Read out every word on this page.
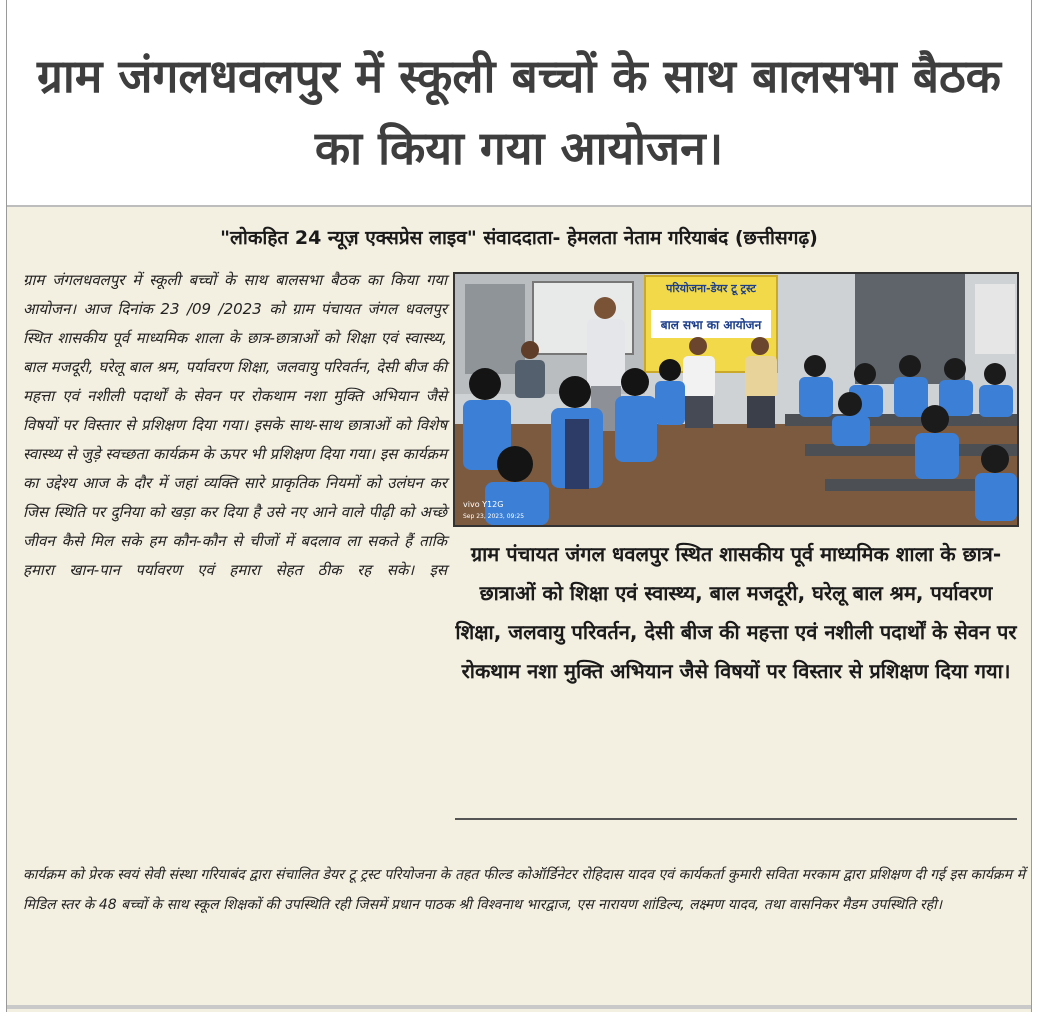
ग्राम जंगलधवलपुर में स्कूली बच्चों के साथ बालसभा बैठक का किया गया आयोजन।
"लोकहित 24 न्यूज़ एक्सप्रेस लाइव" संवाददाता- हेमलता नेताम गरियाबंद (छत्तीसगढ़)

ग्राम जंगलधवलपुर में स्कूली बच्चों के साथ बालसभा बैठक का किया गया आयोजन। आज दिनांक 23 /09 /2023 को ग्राम पंचायत जंगल धवलपुर स्थित शासकीय पूर्व माध्यमिक शाला के छात्र-छात्राओं को शिक्षा एवं स्वास्थ्य, बाल मजदूरी, घरेलू बाल श्रम, पर्यावरण शिक्षा, जलवायु परिवर्तन, देसी बीज की महत्ता एवं नशीली पदार्थों के सेवन पर रोकथाम नशा मुक्ति अभियान जैसे विषयों पर विस्तार से प्रशिक्षण दिया गया। इसके साथ-साथ छात्राओं को विशेष स्वास्थ्य से जुड़े स्वच्छता कार्यक्रम के ऊपर भी प्रशिक्षण दिया गया। इस कार्यक्रम का उद्देश्य आज के दौर में जहां व्यक्ति सारे प्राकृतिक नियमों को उलंघन कर जिस स्थिति पर दुनिया को खड़ा कर दिया है उसे नए आने वाले पीढ़ी को अच्छे जीवन कैसे मिल सके हम कौन-कौन से चीजों में बदलाव ला सकते हैं ताकि हमारा खान-पान पर्यावरण एवं हमारा सेहत ठीक रह सके। इस

परियोजना-डेयर टू ट्रस्ट
बाल सभा का आयोजन
vivo Y12G
Sep 23, 2023, 09:25

ग्राम पंचायत जंगल धवलपुर स्थित शासकीय पूर्व माध्यमिक शाला के छात्र-छात्राओं को शिक्षा एवं स्वास्थ्य, बाल मजदूरी, घरेलू बाल श्रम, पर्यावरण शिक्षा, जलवायु परिवर्तन, देसी बीज की महत्ता एवं नशीली पदार्थों के सेवन पर रोकथाम नशा मुक्ति अभियान जैसे विषयों पर विस्तार से प्रशिक्षण दिया गया।

कार्यक्रम को प्रेरक स्वयं सेवी संस्था गरियाबंद द्वारा संचालित डेयर टू ट्रस्ट परियोजना के तहत फील्ड कोऑर्डिनेटर रोहिदास यादव एवं कार्यकर्ता कुमारी सविता मरकाम द्वारा प्रशिक्षण दी गई इस कार्यक्रम में मिडिल स्तर के 48 बच्चों के साथ स्कूल शिक्षकों की उपस्थिति रही जिसमें प्रधान पाठक श्री विश्वनाथ भारद्वाज, एस नारायण शांडिल्य, लक्ष्मण यादव, तथा वासनिकर मैडम उपस्थिति रही।
